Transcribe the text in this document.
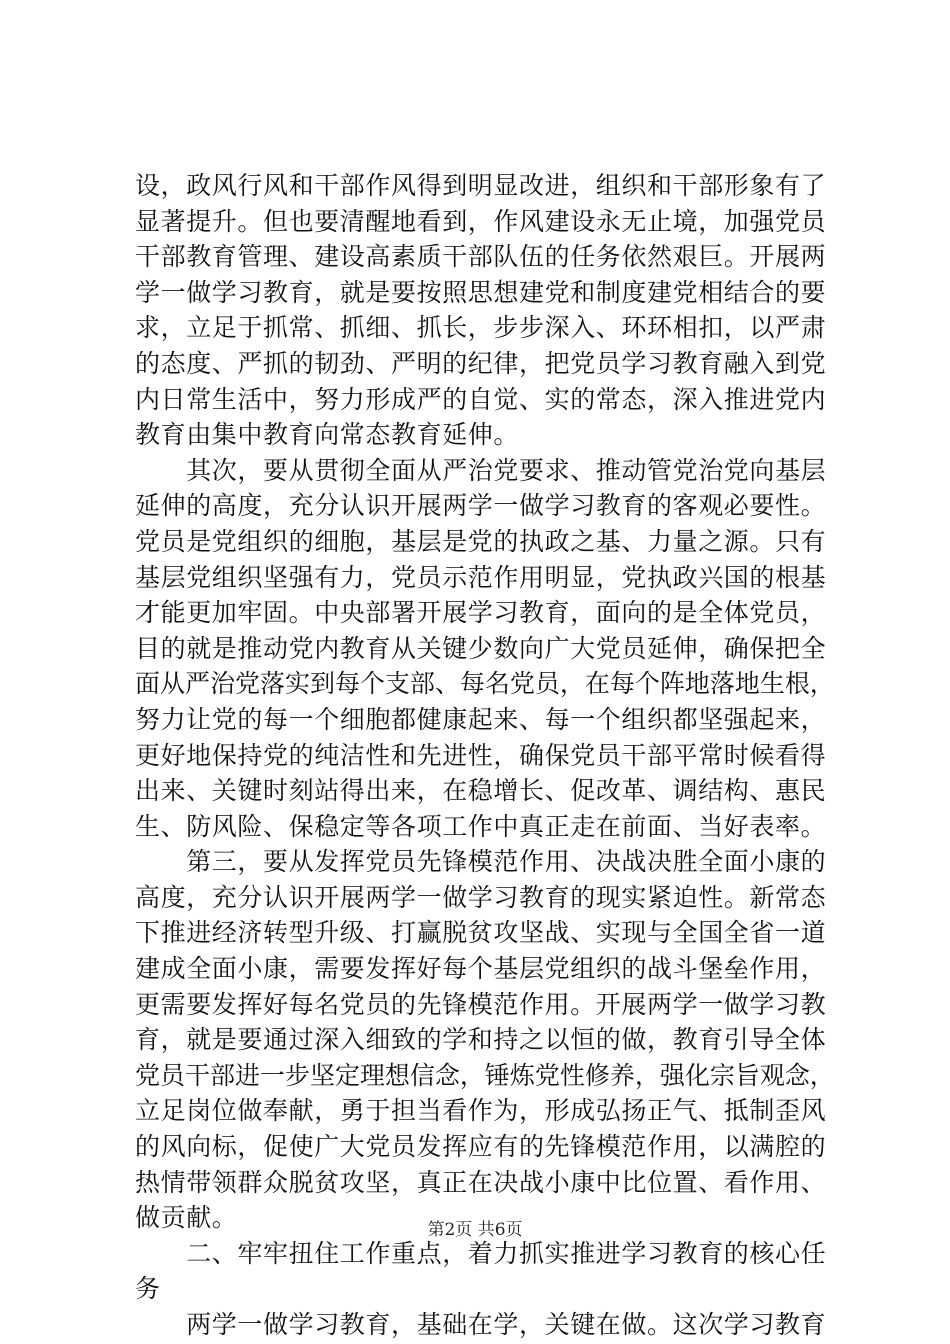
设，政风行风和干部作风得到明显改进，组织和干部形象有了
显著提升。但也要清醒地看到，作风建设永无止境，加强党员
干部教育管理、建设高素质干部队伍的任务依然艰巨。开展两
学一做学习教育，就是要按照思想建党和制度建党相结合的要
求，立足于抓常、抓细、抓长，步步深入、环环相扣，以严肃
的态度、严抓的韧劲、严明的纪律，把党员学习教育融入到党
内日常生活中，努力形成严的自觉、实的常态，深入推进党内
教育由集中教育向常态教育延伸。
　　其次，要从贯彻全面从严治党要求、推动管党治党向基层
延伸的高度，充分认识开展两学一做学习教育的客观必要性。
党员是党组织的细胞，基层是党的执政之基、力量之源。只有
基层党组织坚强有力，党员示范作用明显，党执政兴国的根基
才能更加牢固。中央部署开展学习教育，面向的是全体党员，
目的就是推动党内教育从关键少数向广大党员延伸，确保把全
面从严治党落实到每个支部、每名党员，在每个阵地落地生根，
努力让党的每一个细胞都健康起来、每一个组织都坚强起来，
更好地保持党的纯洁性和先进性，确保党员干部平常时候看得
出来、关键时刻站得出来，在稳增长、促改革、调结构、惠民
生、防风险、保稳定等各项工作中真正走在前面、当好表率。
　　第三，要从发挥党员先锋模范作用、决战决胜全面小康的
高度，充分认识开展两学一做学习教育的现实紧迫性。新常态
下推进经济转型升级、打赢脱贫攻坚战、实现与全国全省一道
建成全面小康，需要发挥好每个基层党组织的战斗堡垒作用，
更需要发挥好每名党员的先锋模范作用。开展两学一做学习教
育，就是要通过深入细致的学和持之以恒的做，教育引导全体
党员干部进一步坚定理想信念，锤炼党性修养，强化宗旨观念，
立足岗位做奉献，勇于担当看作为，形成弘扬正气、抵制歪风
的风向标，促使广大党员发挥应有的先锋模范作用，以满腔的
热情带领群众脱贫攻坚，真正在决战小康中比位置、看作用、
做贡献。
　　二、牢牢扭住工作重点，着力抓实推进学习教育的核心任
务
　　两学一做学习教育，基础在学，关键在做。这次学习教育
第2页 共6页
